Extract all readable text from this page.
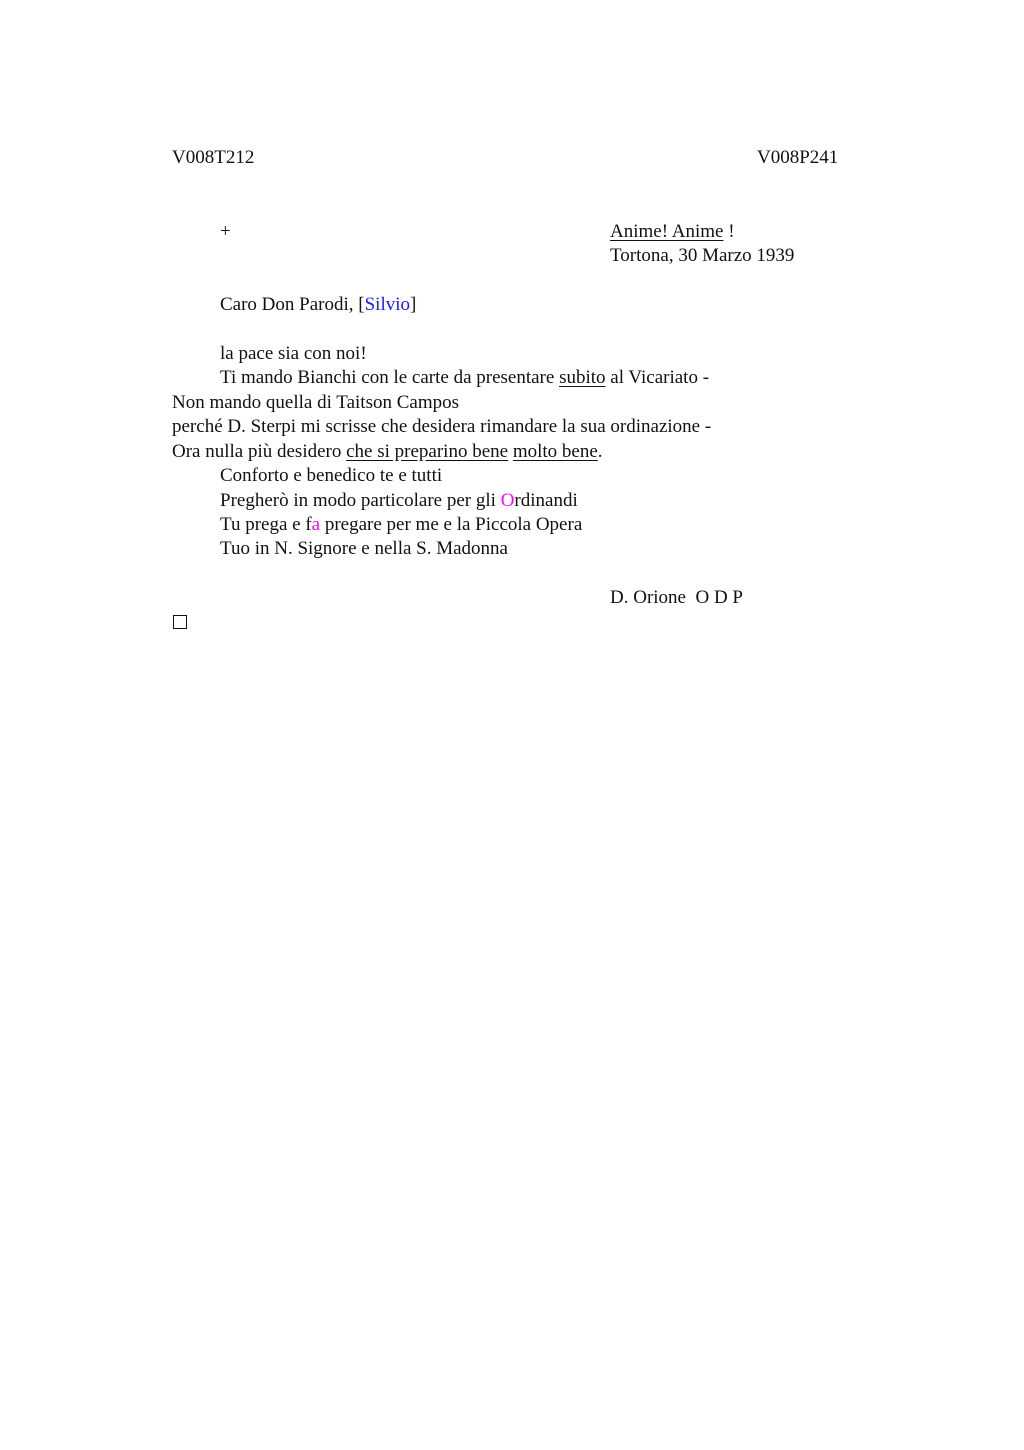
V008T212	V008P241
+	Anime! Anime !
Tortona, 30 Marzo 1939
Caro Don Parodi, [Silvio]
la pace sia con noi!
Ti mando Bianchi con le carte da presentare subito al Vicariato -
Non mando quella di Taitson Campos
perché D. Sterpi mi scrisse che desidera rimandare la sua ordinazione -
Ora nulla più desidero che si preparino bene molto bene.
Conforto e benedico te e tutti
Pregherò in modo particolare per gli Ordinandi
Tu prega e fa pregare per me e la Piccola Opera
Tuo in N. Signore e nella S. Madonna
D. Orione  O D P
